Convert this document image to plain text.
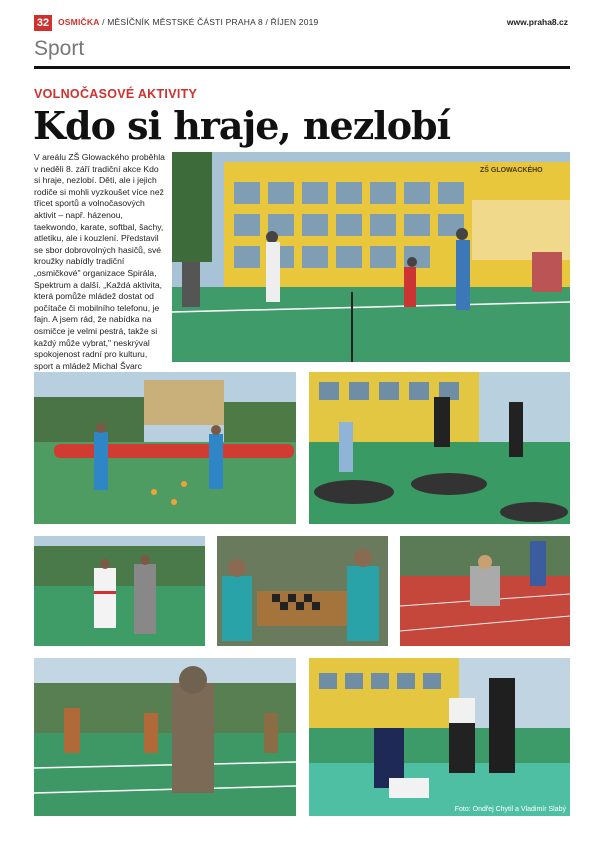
32	OSMIČKA / MĚSÍČNÍK MĚSTSKÉ ČÁSTI PRAHA 8 / ŘÍJEN 2019	www.praha8.cz
Sport
VOLNOČASOVÉ AKTIVITY
Kdo si hraje, nezlobí
V areálu ZŠ Glowackého proběhla v neděli 8. září tradiční akce Kdo si hraje, nezlobí. Děti, ale i jejich rodiče si mohli vyzkoušet více než třicet sportů a volnočasových aktivit – např. házenou, taekwondo, karate, softbal, šachy, atletiku, ale i kouzlení. Představil se sbor dobrovolných hasičů, své kroužky nabídly tradiční „osmičkové" organizace Spirála, Spektrum a další. „Každá aktivita, která pomůže mládež dostat od počítače či mobilního telefonu, je fajn. A jsem rád, že nabídka na osmičce je velmi pestrá, takže si každý může vybrat," neskrýval spokojenost radní pro kulturu, sport a mládež Michal Švarc
ZŠ GLOWACKÉHO
Foto: Ondřej Chytil a Vladimír Slabý
